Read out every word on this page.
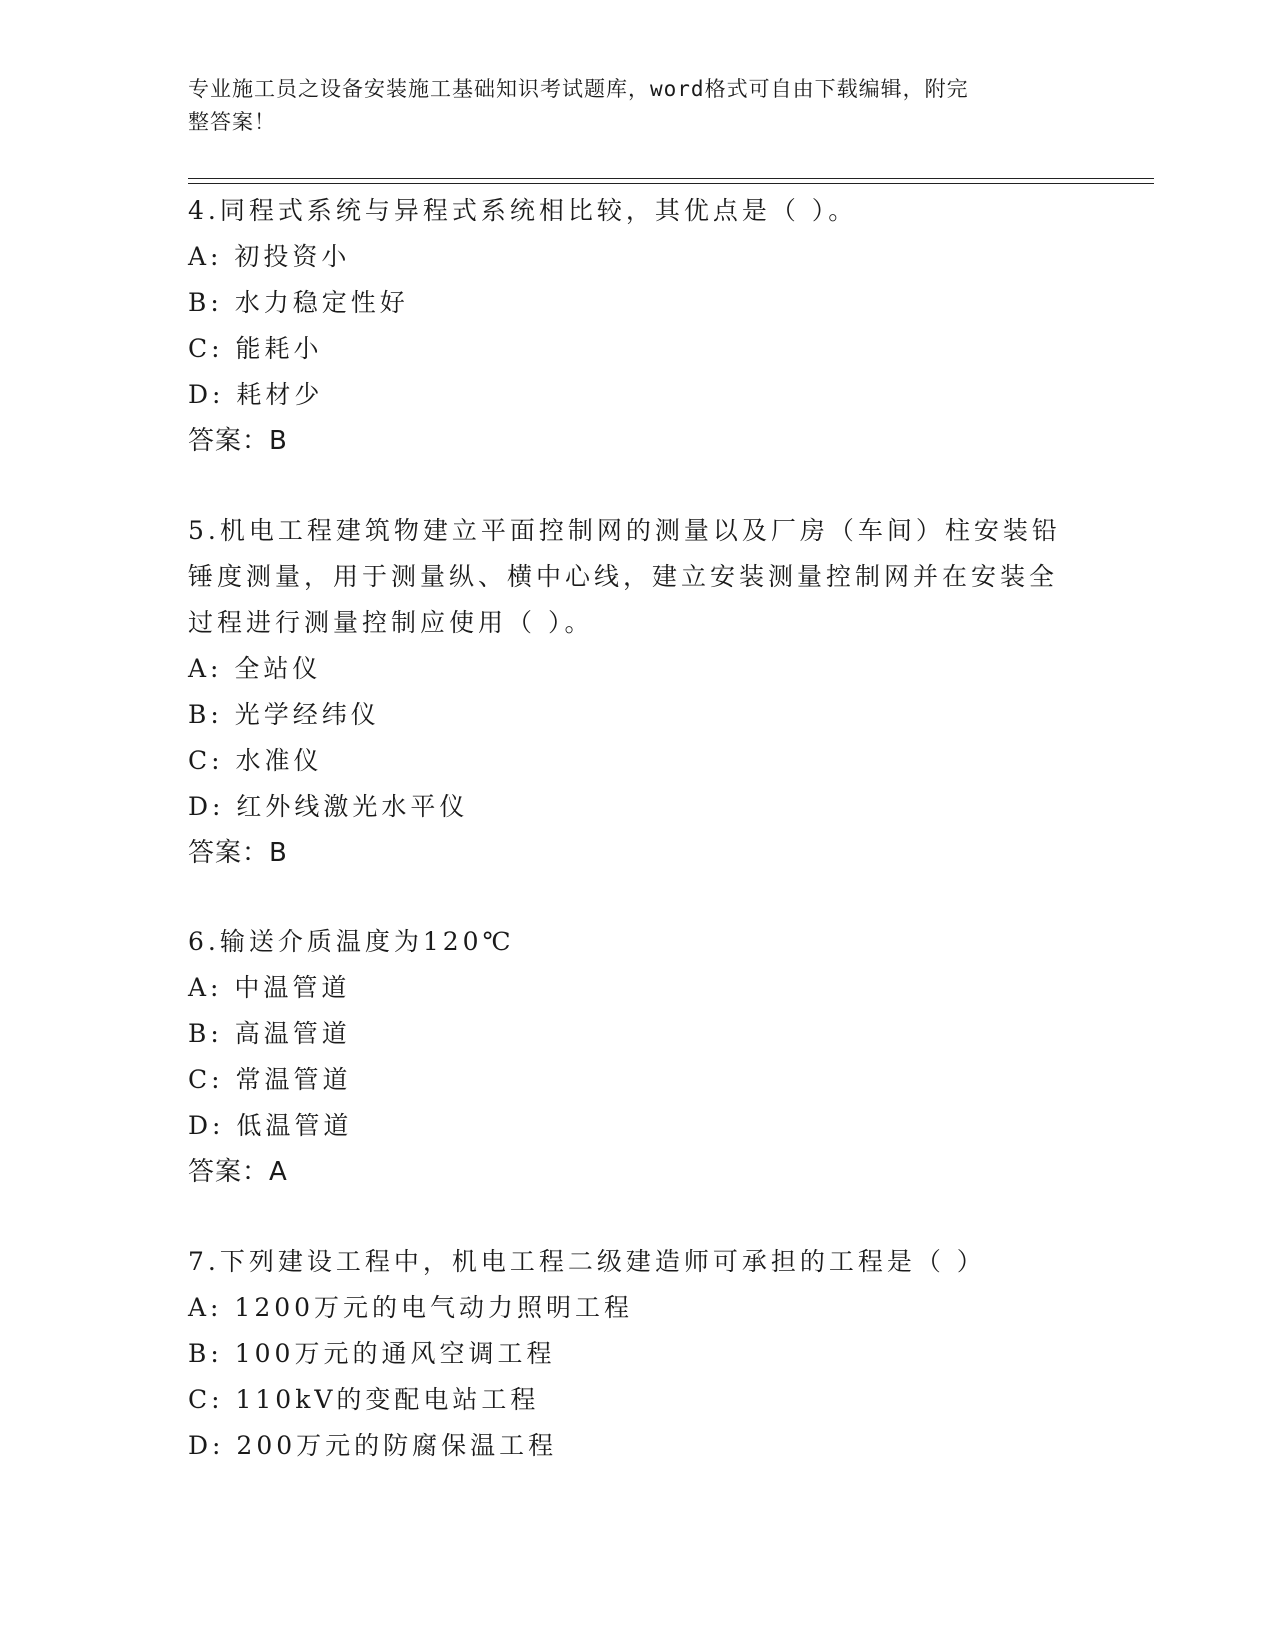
专业施工员之设备安装施工基础知识考试题库，word格式可自由下载编辑，附完
整答案！
4.同程式系统与异程式系统相比较，其优点是（ ）。
A: 初投资小
B: 水力稳定性好
C: 能耗小
D: 耗材少
答案：B
5.机电工程建筑物建立平面控制网的测量以及厂房（车间）柱安装铅
锤度测量，用于测量纵、横中心线，建立安装测量控制网并在安装全
过程进行测量控制应使用（ ）。
A: 全站仪
B: 光学经纬仪
C: 水准仪
D: 红外线激光水平仪
答案：B
6.输送介质温度为120℃
A: 中温管道
B: 高温管道
C: 常温管道
D: 低温管道
答案：A
7.下列建设工程中，机电工程二级建造师可承担的工程是（ ）
A: 1200万元的电气动力照明工程
B: 100万元的通风空调工程
C: 110kV的变配电站工程
D: 200万元的防腐保温工程
